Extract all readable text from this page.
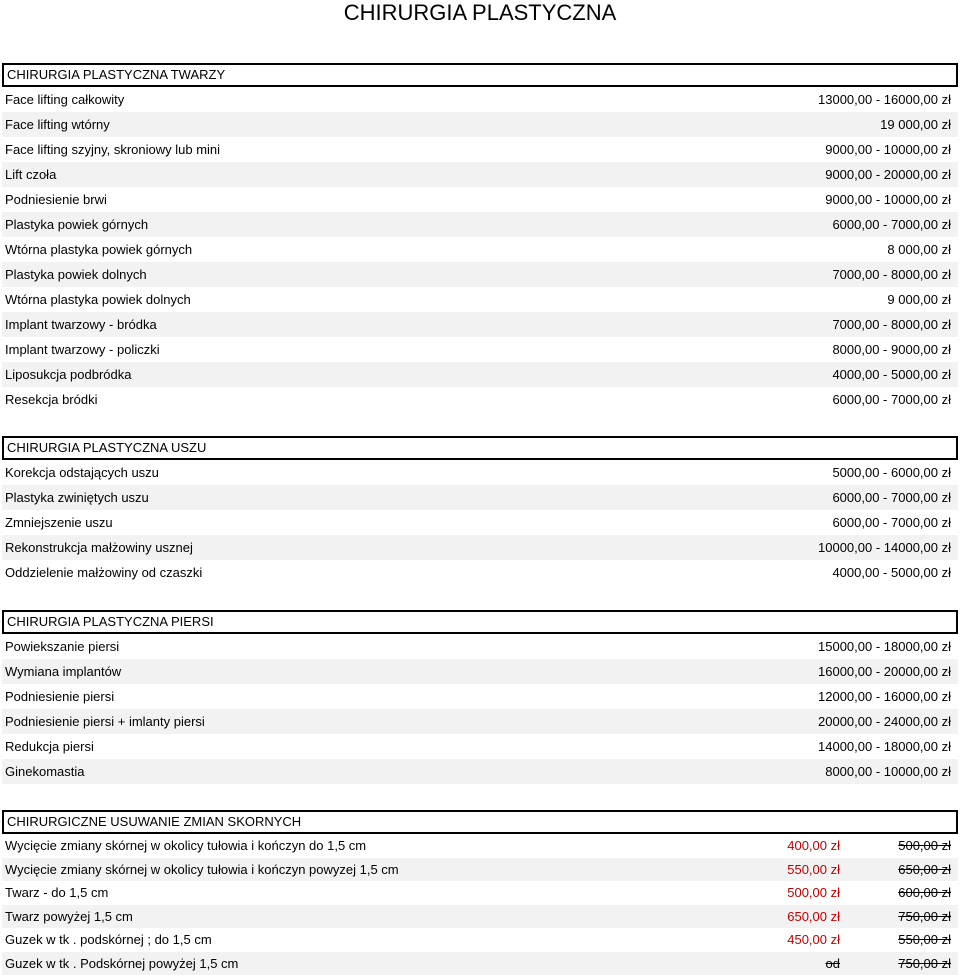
CHIRURGIA PLASTYCZNA
CHIRURGIA PLASTYCZNA TWARZY
Face lifting całkowity	13000,00 - 16000,00 zł
Face lifting wtórny	19 000,00 zł
Face lifting szyjny, skroniowy lub mini	9000,00 - 10000,00 zł
Lift czoła	9000,00 - 20000,00 zł
Podniesienie brwi	9000,00 - 10000,00 zł
Plastyka powiek górnych	6000,00 - 7000,00 zł
Wtórna plastyka powiek górnych	8 000,00 zł
Plastyka powiek dolnych	7000,00 - 8000,00 zł
Wtórna plastyka powiek dolnych	9 000,00 zł
Implant twarzowy - bródka	7000,00 - 8000,00 zł
Implant twarzowy - policzki	8000,00 - 9000,00 zł
Liposukcja podbródka	4000,00 - 5000,00 zł
Resekcja bródki	6000,00 - 7000,00 zł
CHIRURGIA PLASTYCZNA USZU
Korekcja odstających uszu	5000,00 - 6000,00 zł
Plastyka zwiniętych uszu	6000,00 - 7000,00 zł
Zmniejszenie uszu	6000,00 - 7000,00 zł
Rekonstrukcja małżowiny usznej	10000,00 - 14000,00 zł
Oddzielenie małżowiny od czaszki	4000,00 - 5000,00 zł
CHIRURGIA PLASTYCZNA PIERSI
Powiekszanie piersi	15000,00 - 18000,00 zł
Wymiana implantów	16000,00 - 20000,00 zł
Podniesienie piersi	12000,00 - 16000,00 zł
Podniesienie piersi + imlanty piersi	20000,00 - 24000,00 zł
Redukcja piersi	14000,00 - 18000,00 zł
Ginekomastia	8000,00 - 10000,00 zł
CHIRURGICZNE USUWANIE ZMIAN SKORNYCH
Wycięcie zmiany skórnej w okolicy tułowia i kończyn do 1,5 cm	400,00 zł	500,00 zł
Wycięcie zmiany skórnej w okolicy tułowia i kończyn powyzej 1,5 cm	550,00 zł	650,00 zł
Twarz - do 1,5 cm	500,00 zł	600,00 zł
Twarz powyżej 1,5 cm	650,00 zł	750,00 zł
Guzek w tk . podskórnej ; do 1,5 cm	450,00 zł	550,00 zł
Guzek w tk . Podskórnej powyżej 1,5 cm	od	750,00 zł
